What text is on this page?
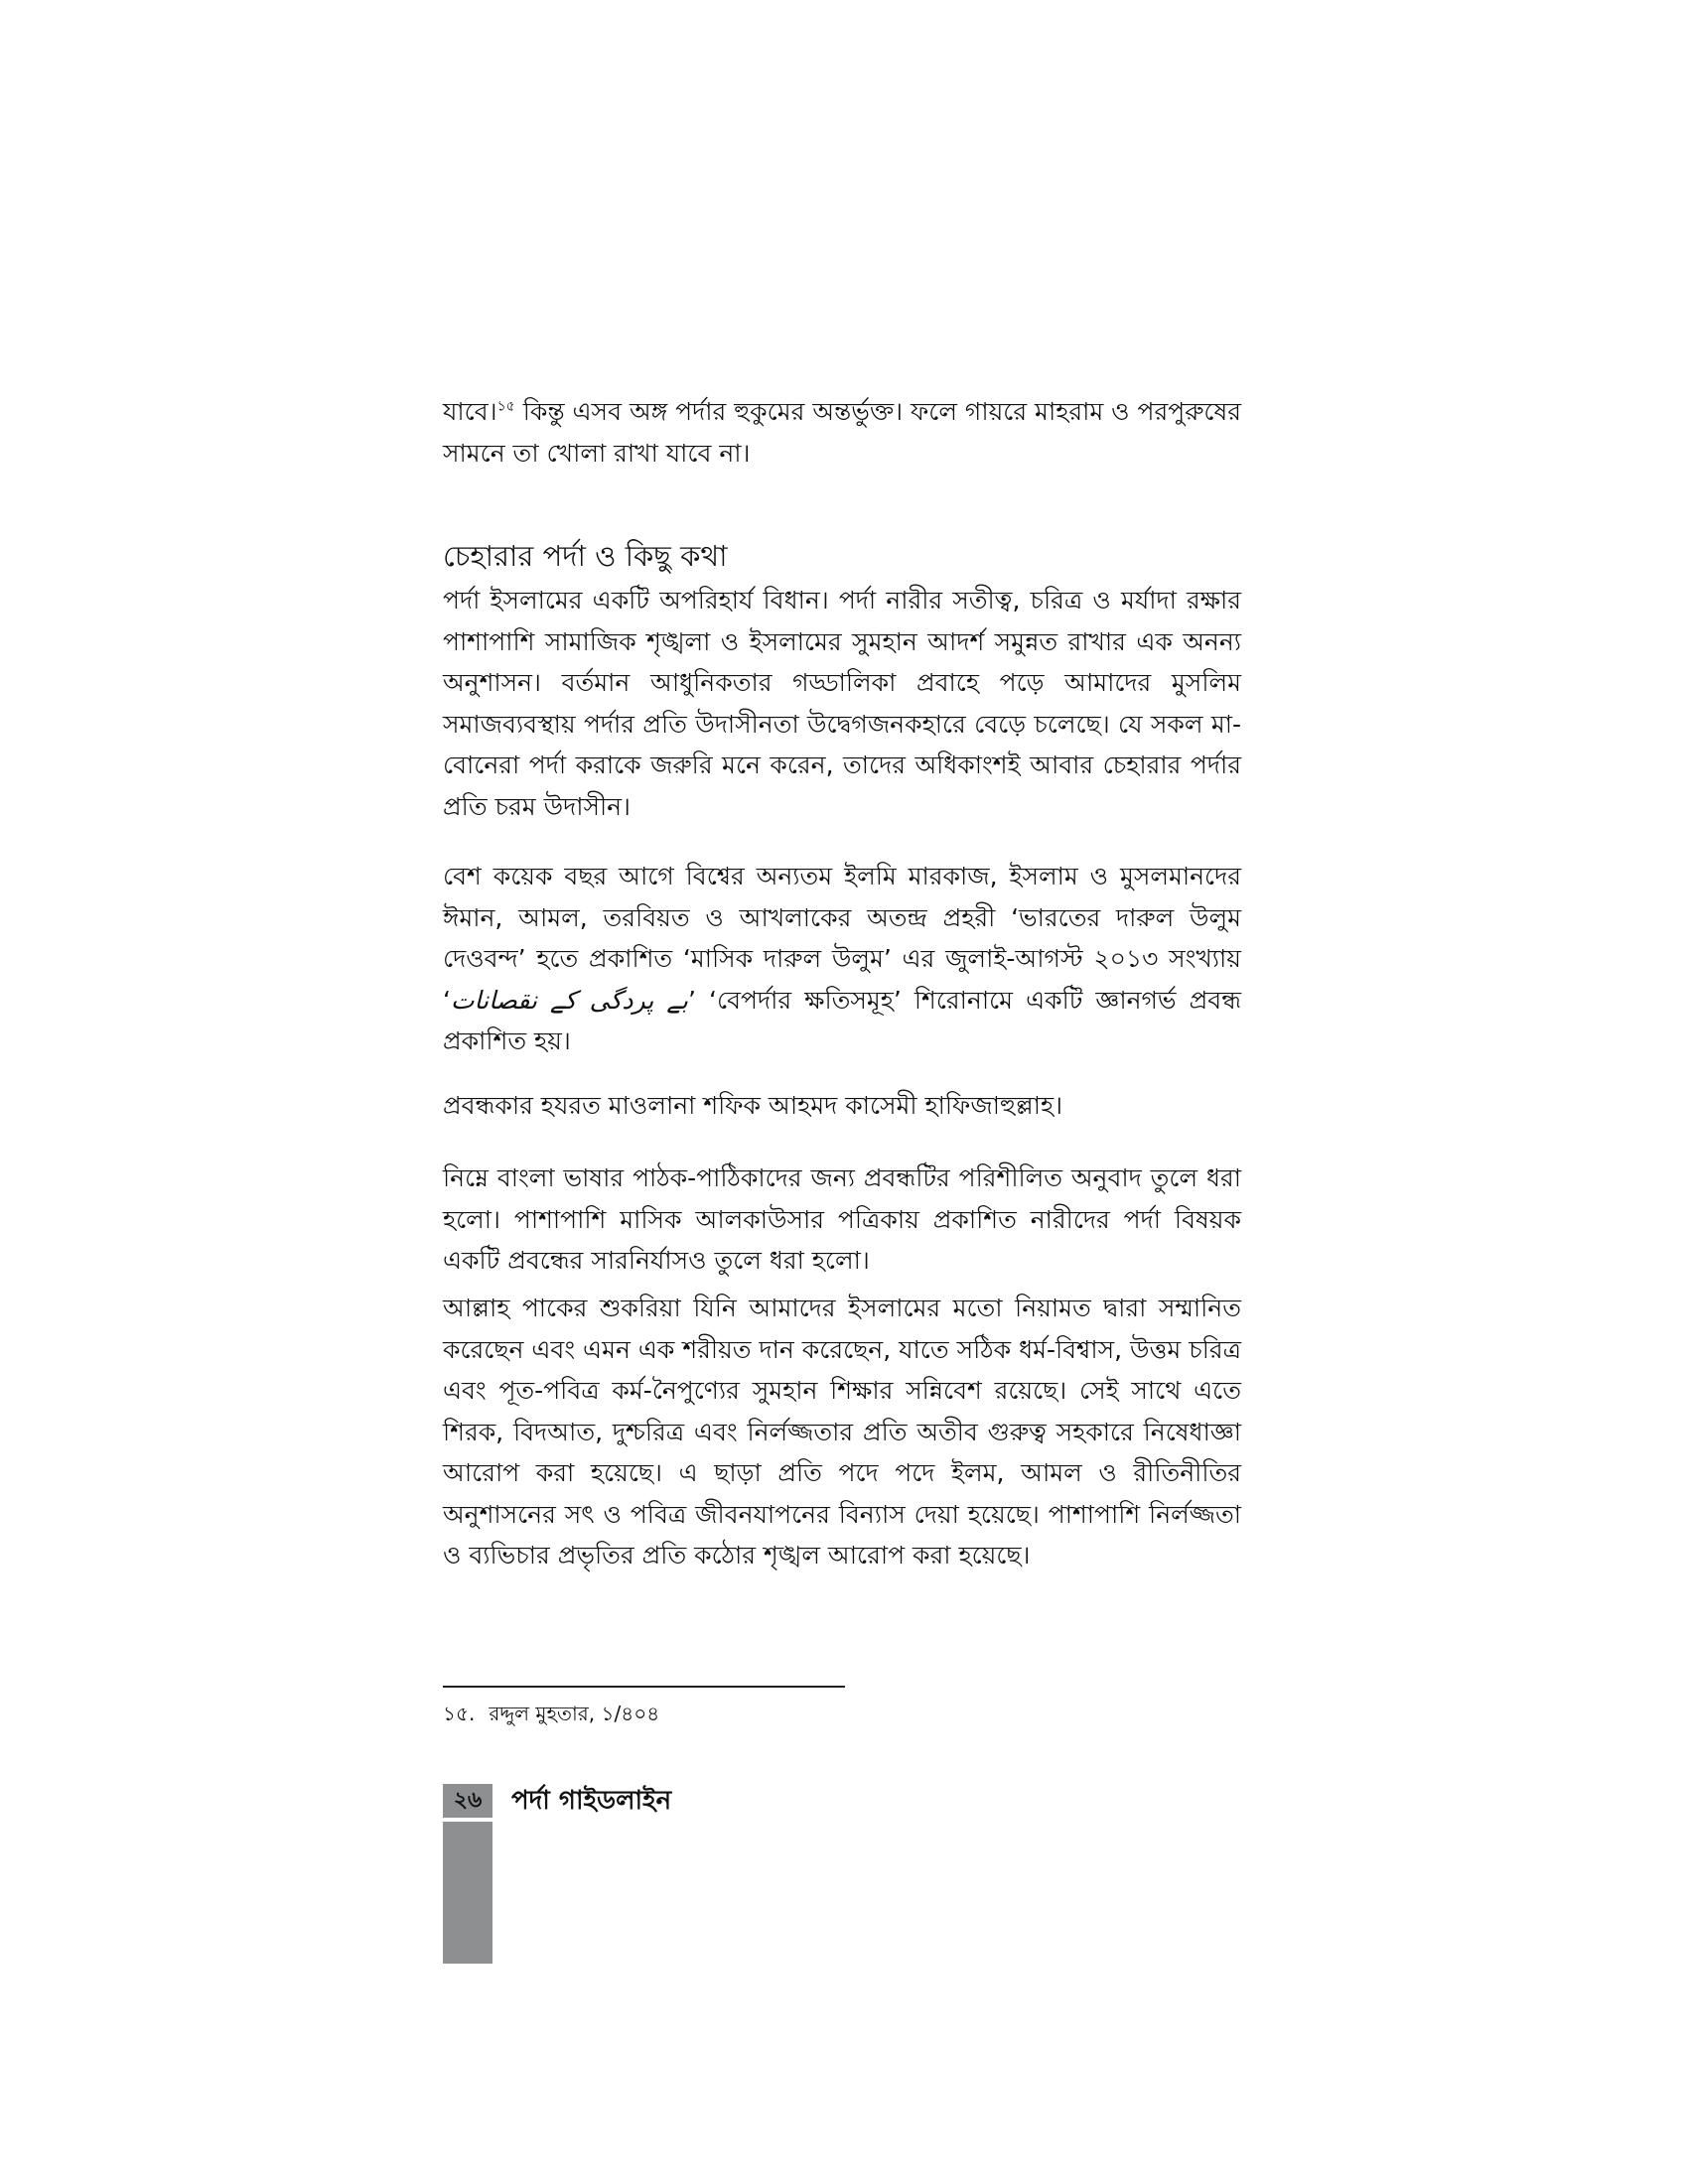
যাবে।$^{১৫}$ কিন্তু এসব অঙ্গ পর্দার হুকুমের অন্তর্ভুক্ত। ফলে গায়রে মাহরাম ও পরপুরুষের সামনে তা খোলা রাখা যাবে না।

চেহারার পর্দা ও কিছু কথা

পর্দা ইসলামের একটি অপরিহার্য বিধান। পর্দা নারীর সতীত্ব, চরিত্র ও মর্যাদা রক্ষার পাশাপাশি সামাজিক শৃঙ্খলা ও ইসলামের সুমহান আদর্শ সমুন্নত রাখার এক অনন্য অনুশাসন। বর্তমান আধুনিকতার গড্ডালিকা প্রবাহে পড়ে আমাদের মুসলিম সমাজব্যবস্থায় পর্দার প্রতি উদাসীনতা উদ্বেগজনকহারে বেড়ে চলেছে। যে সকল মা-বোনেরা পর্দা করাকে জরুরি মনে করেন, তাদের অধিকাংশই আবার চেহারার পর্দার প্রতি চরম উদাসীন।

বেশ কয়েক বছর আগে বিশ্বের অন্যতম ইলমি মারকাজ, ইসলাম ও মুসলমানদের ঈমান, আমল, তরবিয়ত ও আখলাকের অতন্দ্র প্রহরী ‘ভারতের দারুল উলুম দেওবন্দ’ হতে প্রকাশিত ‘মাসিক দারুল উলুম’ এর জুলাই-আগস্ট ২০১৩ সংখ্যায় ‘بے پردگی کے نقصانات’ ‘বেপর্দার ক্ষতিসমূহ’ শিরোনামে একটি জ্ঞানগর্ভ প্রবন্ধ প্রকাশিত হয়।

প্রবন্ধকার হযরত মাওলানা শফিক আহমদ কাসেমী হাফিজাহুল্লাহ।

নিম্নে বাংলা ভাষার পাঠক-পাঠিকাদের জন্য প্রবন্ধটির পরিশীলিত অনুবাদ তুলে ধরা হলো। পাশাপাশি মাসিক আলকাউসার পত্রিকায় প্রকাশিত নারীদের পর্দা বিষয়ক একটি প্রবন্ধের সারনির্যাসও তুলে ধরা হলো।

আল্লাহ পাকের শুকরিয়া যিনি আমাদের ইসলামের মতো নিয়ামত দ্বারা সম্মানিত করেছেন এবং এমন এক শরীয়ত দান করেছেন, যাতে সঠিক ধর্ম-বিশ্বাস, উত্তম চরিত্র এবং পূত-পবিত্র কর্ম-নৈপুণ্যের সুমহান শিক্ষার সন্নিবেশ রয়েছে। সেই সাথে এতে শিরক, বিদআত, দুশ্চরিত্র এবং নির্লজ্জতার প্রতি অতীব গুরুত্ব সহকারে নিষেধাজ্ঞা আরোপ করা হয়েছে। এ ছাড়া প্রতি পদে পদে ইলম, আমল ও রীতিনীতির অনুশাসনের সৎ ও পবিত্র জীবনযাপনের বিন্যাস দেয়া হয়েছে। পাশাপাশি নির্লজ্জতা ও ব্যভিচার প্রভৃতির প্রতি কঠোর শৃঙ্খল আরোপ করা হয়েছে।

১৫. রদ্দুল মুহতার, ১/৪০৪

২৬	পর্দা গাইডলাইন
